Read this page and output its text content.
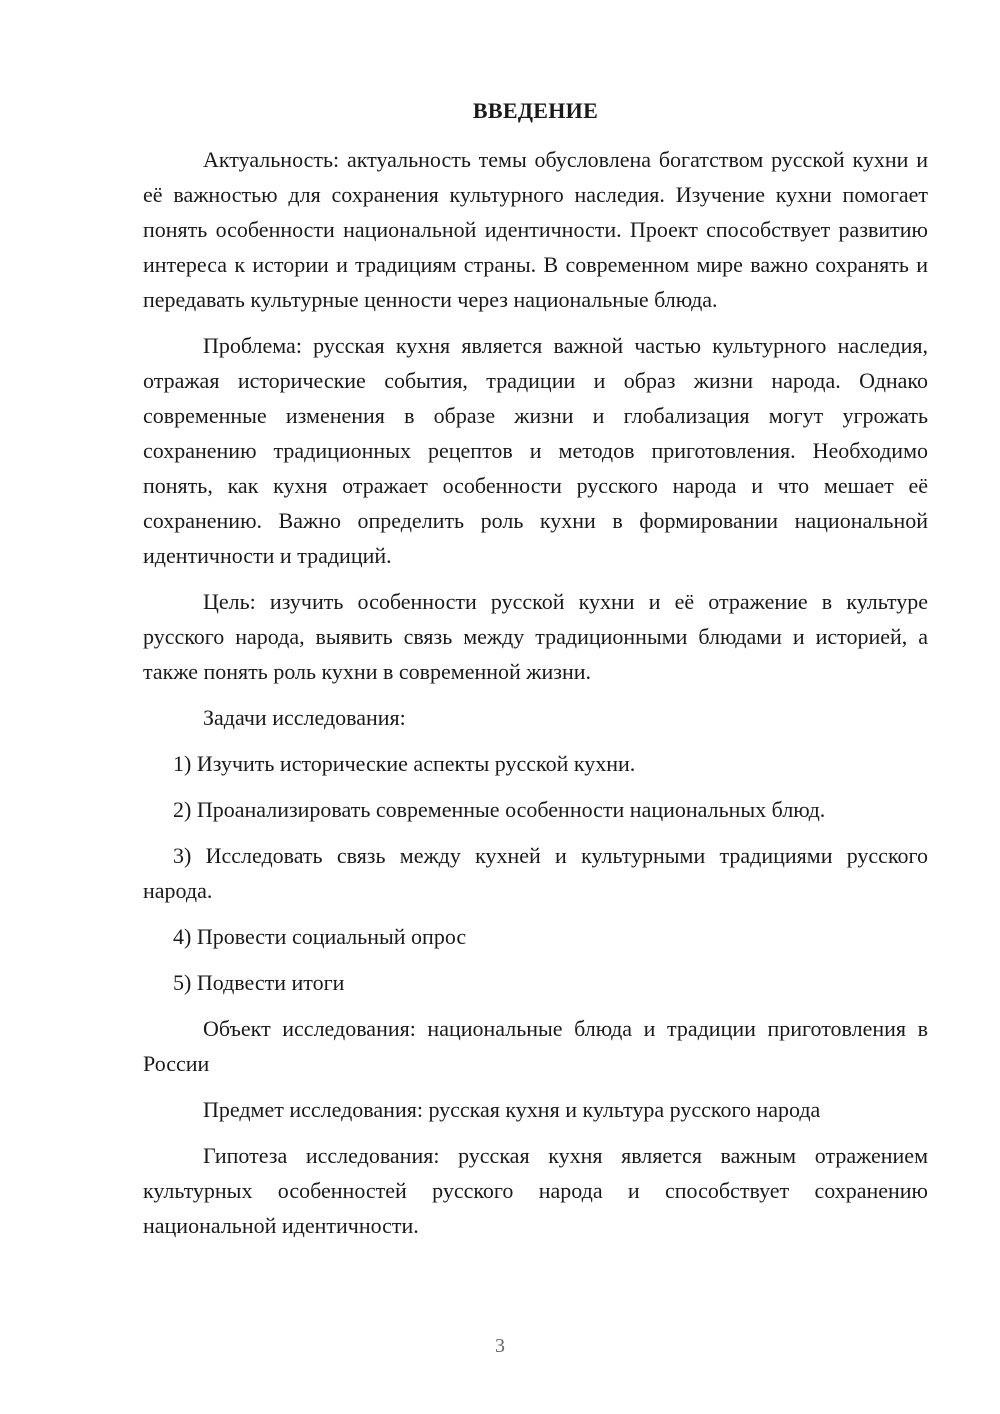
ВВЕДЕНИЕ

Актуальность: актуальность темы обусловлена богатством русской кухни и её важностью для сохранения культурного наследия. Изучение кухни помогает понять особенности национальной идентичности. Проект способствует развитию интереса к истории и традициям страны. В современном мире важно сохранять и передавать культурные ценности через национальные блюда.

Проблема: русская кухня является важной частью культурного наследия, отражая исторические события, традиции и образ жизни народа. Однако современные изменения в образе жизни и глобализация могут угрожать сохранению традиционных рецептов и методов приготовления. Необходимо понять, как кухня отражает особенности русского народа и что мешает её сохранению. Важно определить роль кухни в формировании национальной идентичности и традиций.

Цель: изучить особенности русской кухни и её отражение в культуре русского народа, выявить связь между традиционными блюдами и историей, а также понять роль кухни в современной жизни.

Задачи исследования:

1) Изучить исторические аспекты русской кухни.

2) Проанализировать современные особенности национальных блюд.

3) Исследовать связь между кухней и культурными традициями русского народа.

4) Провести социальный опрос

5) Подвести итоги

Объект исследования: национальные блюда и традиции приготовления в России

Предмет исследования: русская кухня и культура русского народа

Гипотеза исследования: русская кухня является важным отражением культурных особенностей русского народа и способствует сохранению национальной идентичности.

3
